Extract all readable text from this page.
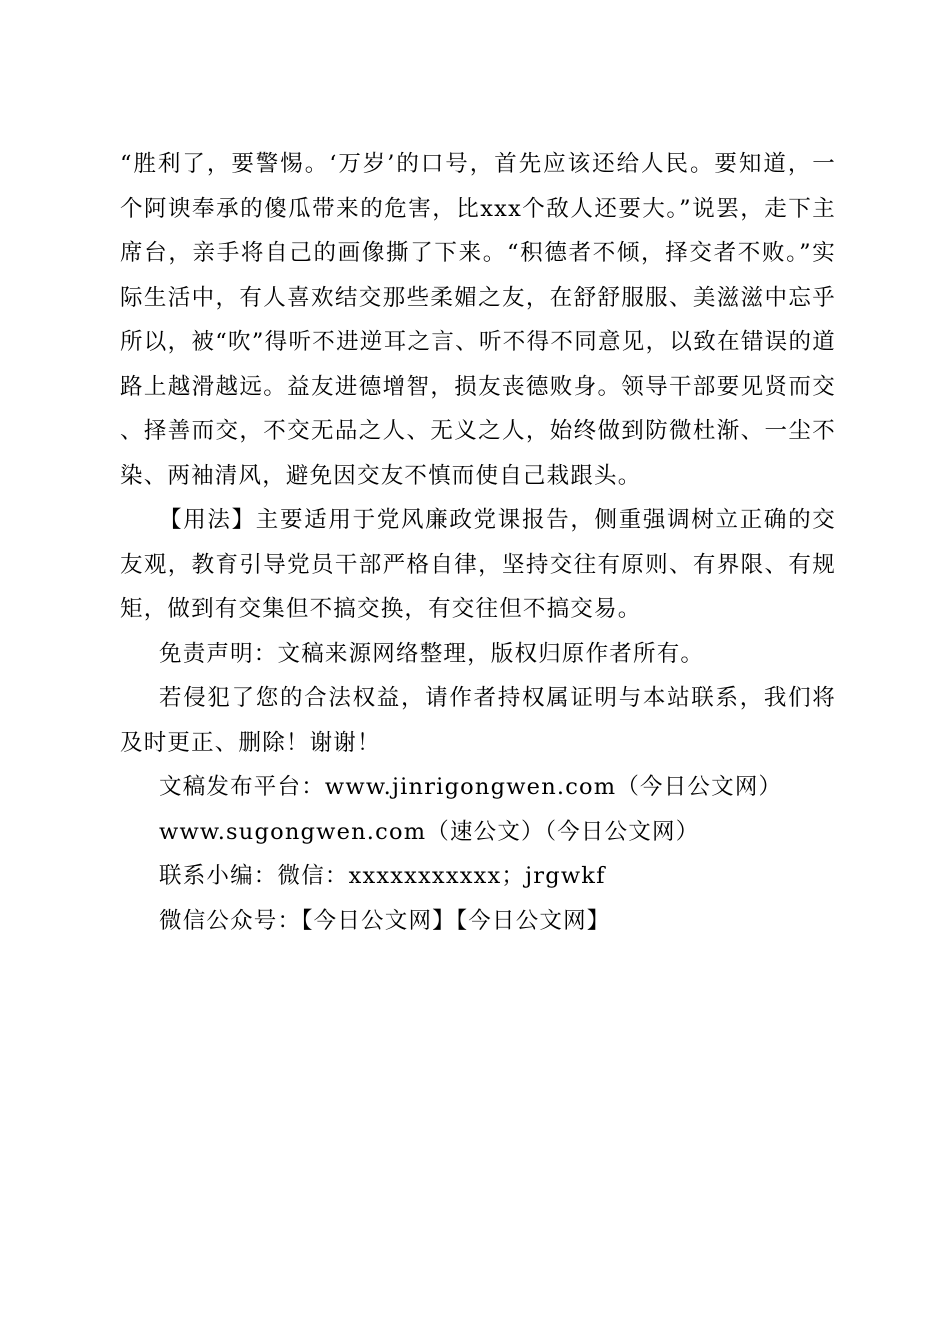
“胜利了，要警惕。‘万岁’的口号，首先应该还给人民。要知道，一个阿谀奉承的傻瓜带来的危害，比xxx个敌人还要大。”说罢，走下主席台，亲手将自己的画像撕了下来。“积德者不倾，择交者不败。”实际生活中，有人喜欢结交那些柔媚之友，在舒舒服服、美滋滋中忘乎所以，被“吹”得听不进逆耳之言、听不得不同意见，以致在错误的道路上越滑越远。益友进德增智，损友丧德败身。领导干部要见贤而交、择善而交，不交无品之人、无义之人，始终做到防微杜渐、一尘不染、两袖清风，避免因交友不慎而使自己栽跟头。

【用法】主要适用于党风廉政党课报告，侧重强调树立正确的交友观，教育引导党员干部严格自律，坚持交往有原则、有界限、有规矩，做到有交集但不搞交换，有交往但不搞交易。

免责声明：文稿来源网络整理，版权归原作者所有。

若侵犯了您的合法权益，请作者持权属证明与本站联系，我们将及时更正、删除！谢谢！

文稿发布平台：www.jinrigongwen.com（今日公文网）

www.sugongwen.com（速公文）（今日公文网）

联系小编：微信：xxxxxxxxxxx；jrgwkf

微信公众号：【今日公文网】【今日公文网】
